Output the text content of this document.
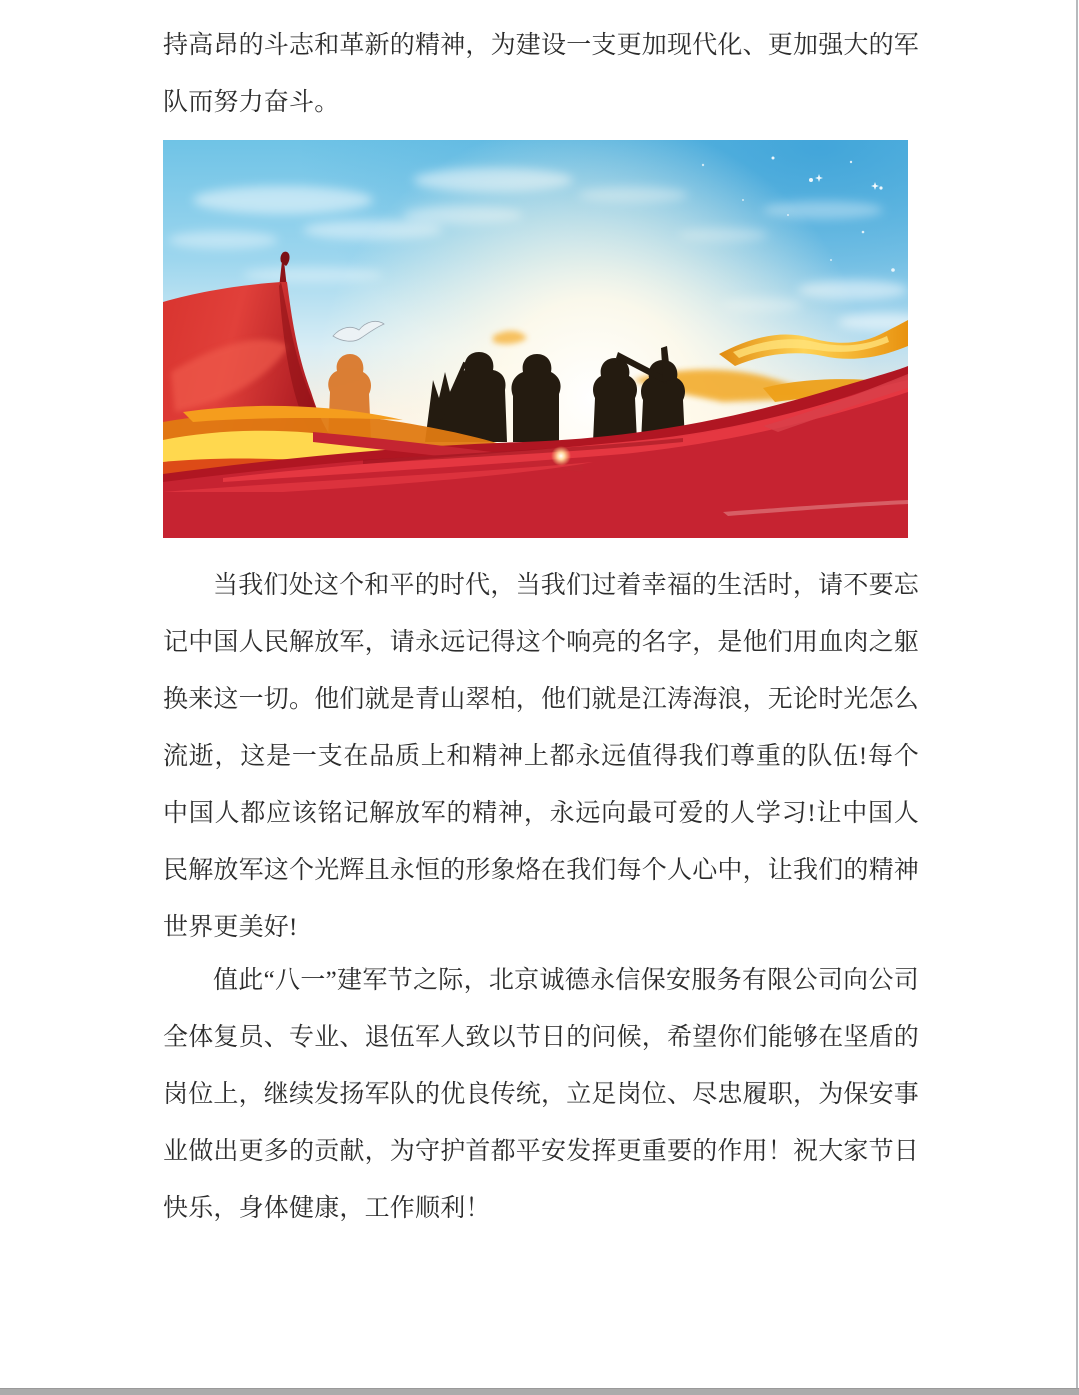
持高昂的斗志和革新的精神，为建设一支更加现代化、更加强大的军
队而努力奋斗。
当我们处这个和平的时代，当我们过着幸福的生活时，请不要忘
记中国人民解放军，请永远记得这个响亮的名字，是他们用血肉之躯
换来这一切。他们就是青山翠柏，他们就是江涛海浪，无论时光怎么
流逝，这是一支在品质上和精神上都永远值得我们尊重的队伍!每个
中国人都应该铭记解放军的精神，永远向最可爱的人学习!让中国人
民解放军这个光辉且永恒的形象烙在我们每个人心中，让我们的精神
世界更美好!
值此“八一”建军节之际，北京诚德永信保安服务有限公司向公司
全体复员、专业、退伍军人致以节日的问候，希望你们能够在坚盾的
岗位上，继续发扬军队的优良传统，立足岗位、尽忠履职，为保安事
业做出更多的贡献，为守护首都平安发挥更重要的作用！祝大家节日
快乐，身体健康，工作顺利！
